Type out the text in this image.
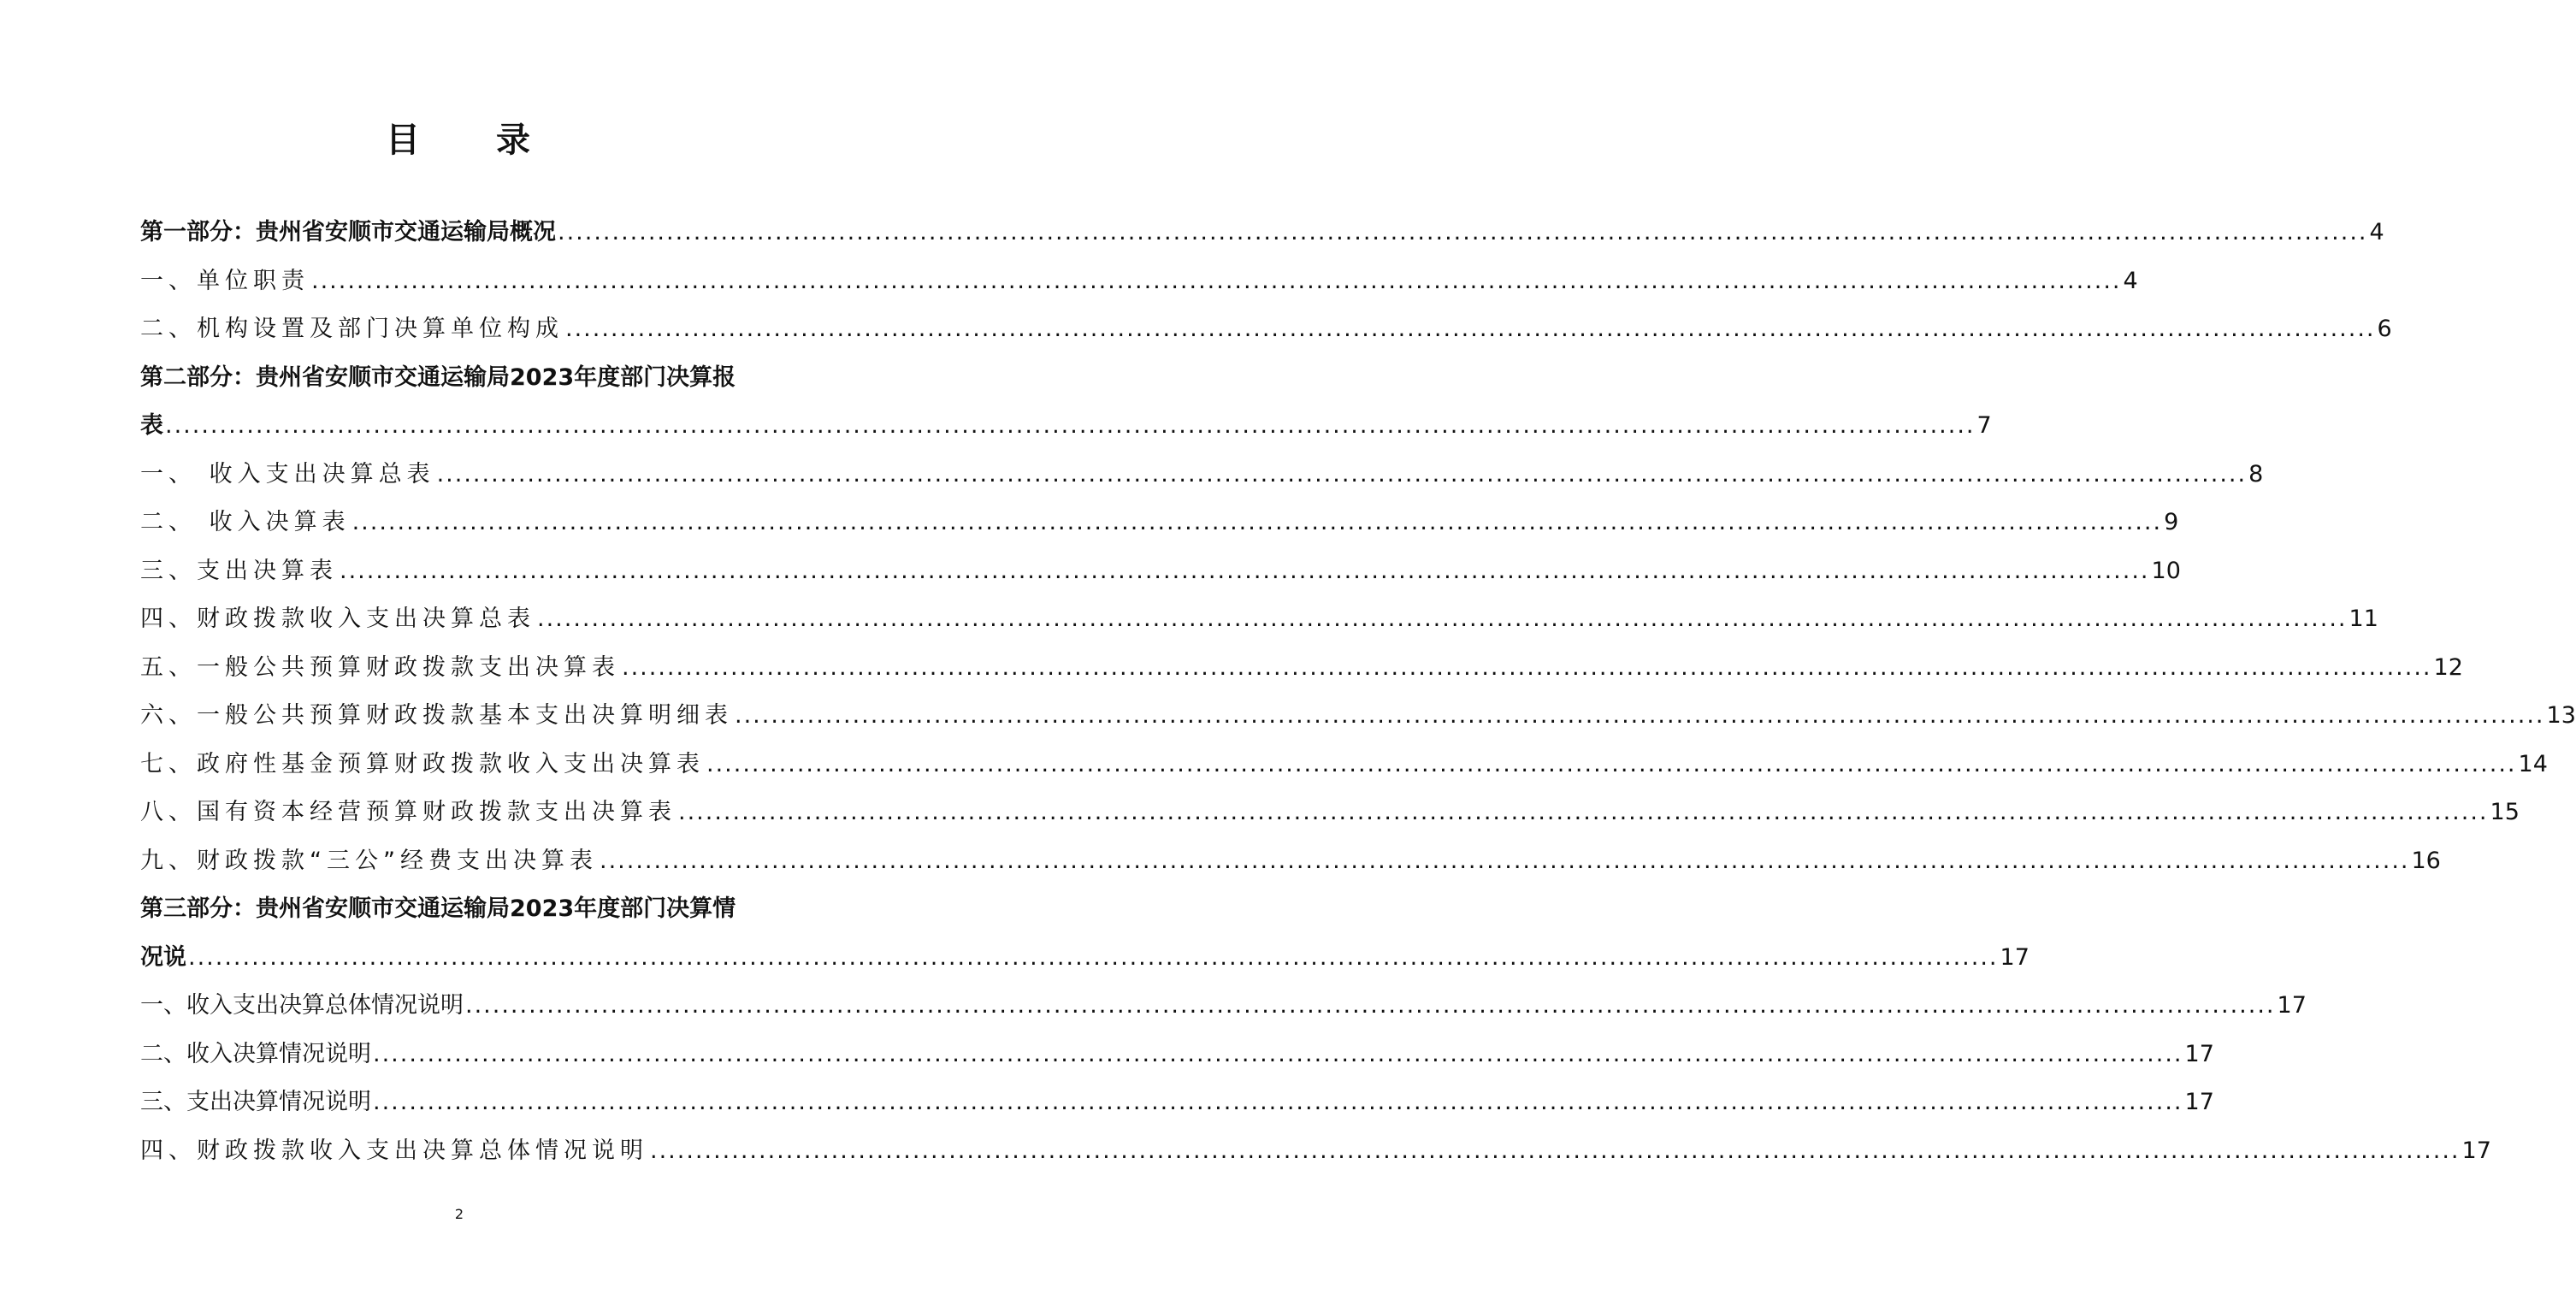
目　　录
第一部分：贵州省安顺市交通运输局概况 ........................................................................................................................................................................................................ 4
一、单位职责 ........................................................................................................................................................................................................ 4
二、机构设置及部门决算单位构成 ........................................................................................................................................................................................................ 6
第二部分：贵州省安顺市交通运输局2023年度部门决算报
表 ........................................................................................................................................................................................................ 7
一、 收入支出决算总表 ........................................................................................................................................................................................................ 8
二、 收入决算表 ........................................................................................................................................................................................................ 9
三、支出决算表 ........................................................................................................................................................................................................ 10
四、财政拨款收入支出决算总表 ........................................................................................................................................................................................................ 11
五、一般公共预算财政拨款支出决算表 ........................................................................................................................................................................................................ 12
六、一般公共预算财政拨款基本支出决算明细表 ........................................................................................................................................................................................................ 13
七、政府性基金预算财政拨款收入支出决算表 ........................................................................................................................................................................................................ 14
八、国有资本经营预算财政拨款支出决算表 ........................................................................................................................................................................................................ 15
九、财政拨款“三公”经费支出决算表 ........................................................................................................................................................................................................ 16
第三部分：贵州省安顺市交通运输局2023年度部门决算情
况说 ........................................................................................................................................................................................................ 17
一、收入支出决算总体情况说明 ........................................................................................................................................................................................................ 17
二、收入决算情况说明 ........................................................................................................................................................................................................ 17
三、支出决算情况说明 ........................................................................................................................................................................................................ 17
四、财政拨款收入支出决算总体情况说明 ........................................................................................................................................................................................................ 17
2
